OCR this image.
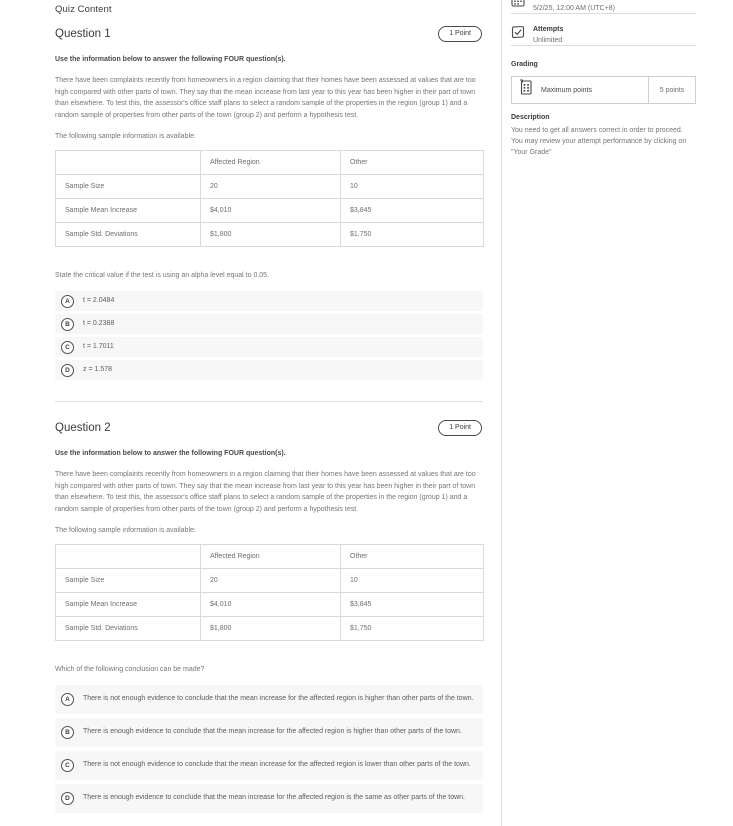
Quiz Content
Question 1	1 Point
Use the information below to answer the following FOUR question(s).
There have been complaints recently from homeowners in a region claiming that their homes have been assessed at values that are too high compared with other parts of town. They say that the mean increase from last year to this year has been higher in their part of town than elsewhere. To test this, the assessor's office staff plans to select a random sample of the properties in the region (group 1) and a random sample of properties from other parts of the town (group 2) and perform a hypothesis test.
The following sample information is available:
	Affected Region	Other
Sample Size	20	10
Sample Mean Increase	$4,010	$3,845
Sample Std. Deviations	$1,800	$1,750
State the critical value if the test is using an alpha level equal to 0.05.
A	t = 2.0484
B	t = 0.2388
C	t = 1.7011
D	z = 1.578
Question 2	1 Point
Use the information below to answer the following FOUR question(s).
There have been complaints recently from homeowners in a region claiming that their homes have been assessed at values that are too high compared with other parts of town. They say that the mean increase from last year to this year has been higher in their part of town than elsewhere. To test this, the assessor's office staff plans to select a random sample of the properties in the region (group 1) and a random sample of properties from other parts of the town (group 2) and perform a hypothesis test.
The following sample information is available:
	Affected Region	Other
Sample Size	20	10
Sample Mean Increase	$4,010	$3,845
Sample Std. Deviations	$1,800	$1,750
Which of the following conclusion can be made?
A	There is not enough evidence to conclude that the mean increase for the affected region is higher than other parts of the town.
B	There is enough evidence to conclude that the mean increase for the affected region is higher than other parts of the town.
C	There is not enough evidence to conclude that the mean increase for the affected region is lower than other parts of the town.
D	There is enough evidence to conclude that the mean increase for the affected region is the same as other parts of the town.
5/2/25, 12:00 AM (UTC+8)
Attempts
Unlimited
Grading
Maximum points	5 points
Description
You need to get all answers correct in order to proceed. You may review your attempt performance by clicking on "Your Grade"
